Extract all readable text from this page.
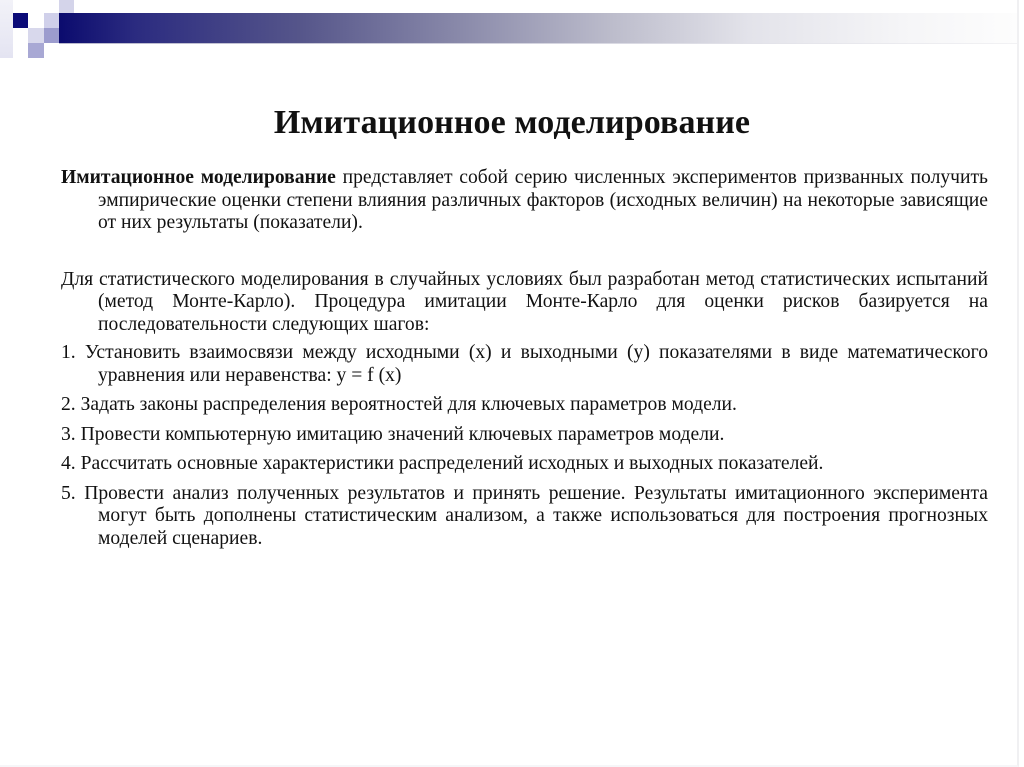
Имитационное моделирование

Имитационное моделирование представляет собой серию численных экспериментов призванных получить эмпирические оценки степени влияния различных факторов (исходных величин) на некоторые зависящие от них результаты (показатели).

Для статистического моделирования в случайных условиях был разработан метод статистических испытаний (метод Монте-Карло). Процедура имитации Монте-Карло для оценки рисков базируется на последовательности следующих шагов:

1. Установить взаимосвязи между исходными (x) и выходными (y) показателями в виде математического уравнения или неравенства: y = f (x)

2. Задать законы распределения вероятностей для ключевых параметров модели.

3. Провести компьютерную имитацию значений ключевых параметров модели.

4. Рассчитать основные характеристики распределений исходных и выходных показателей.

5. Провести анализ полученных результатов и принять решение. Результаты имитационного эксперимента могут быть дополнены статистическим анализом, а также использоваться для построения прогнозных моделей сценариев.
